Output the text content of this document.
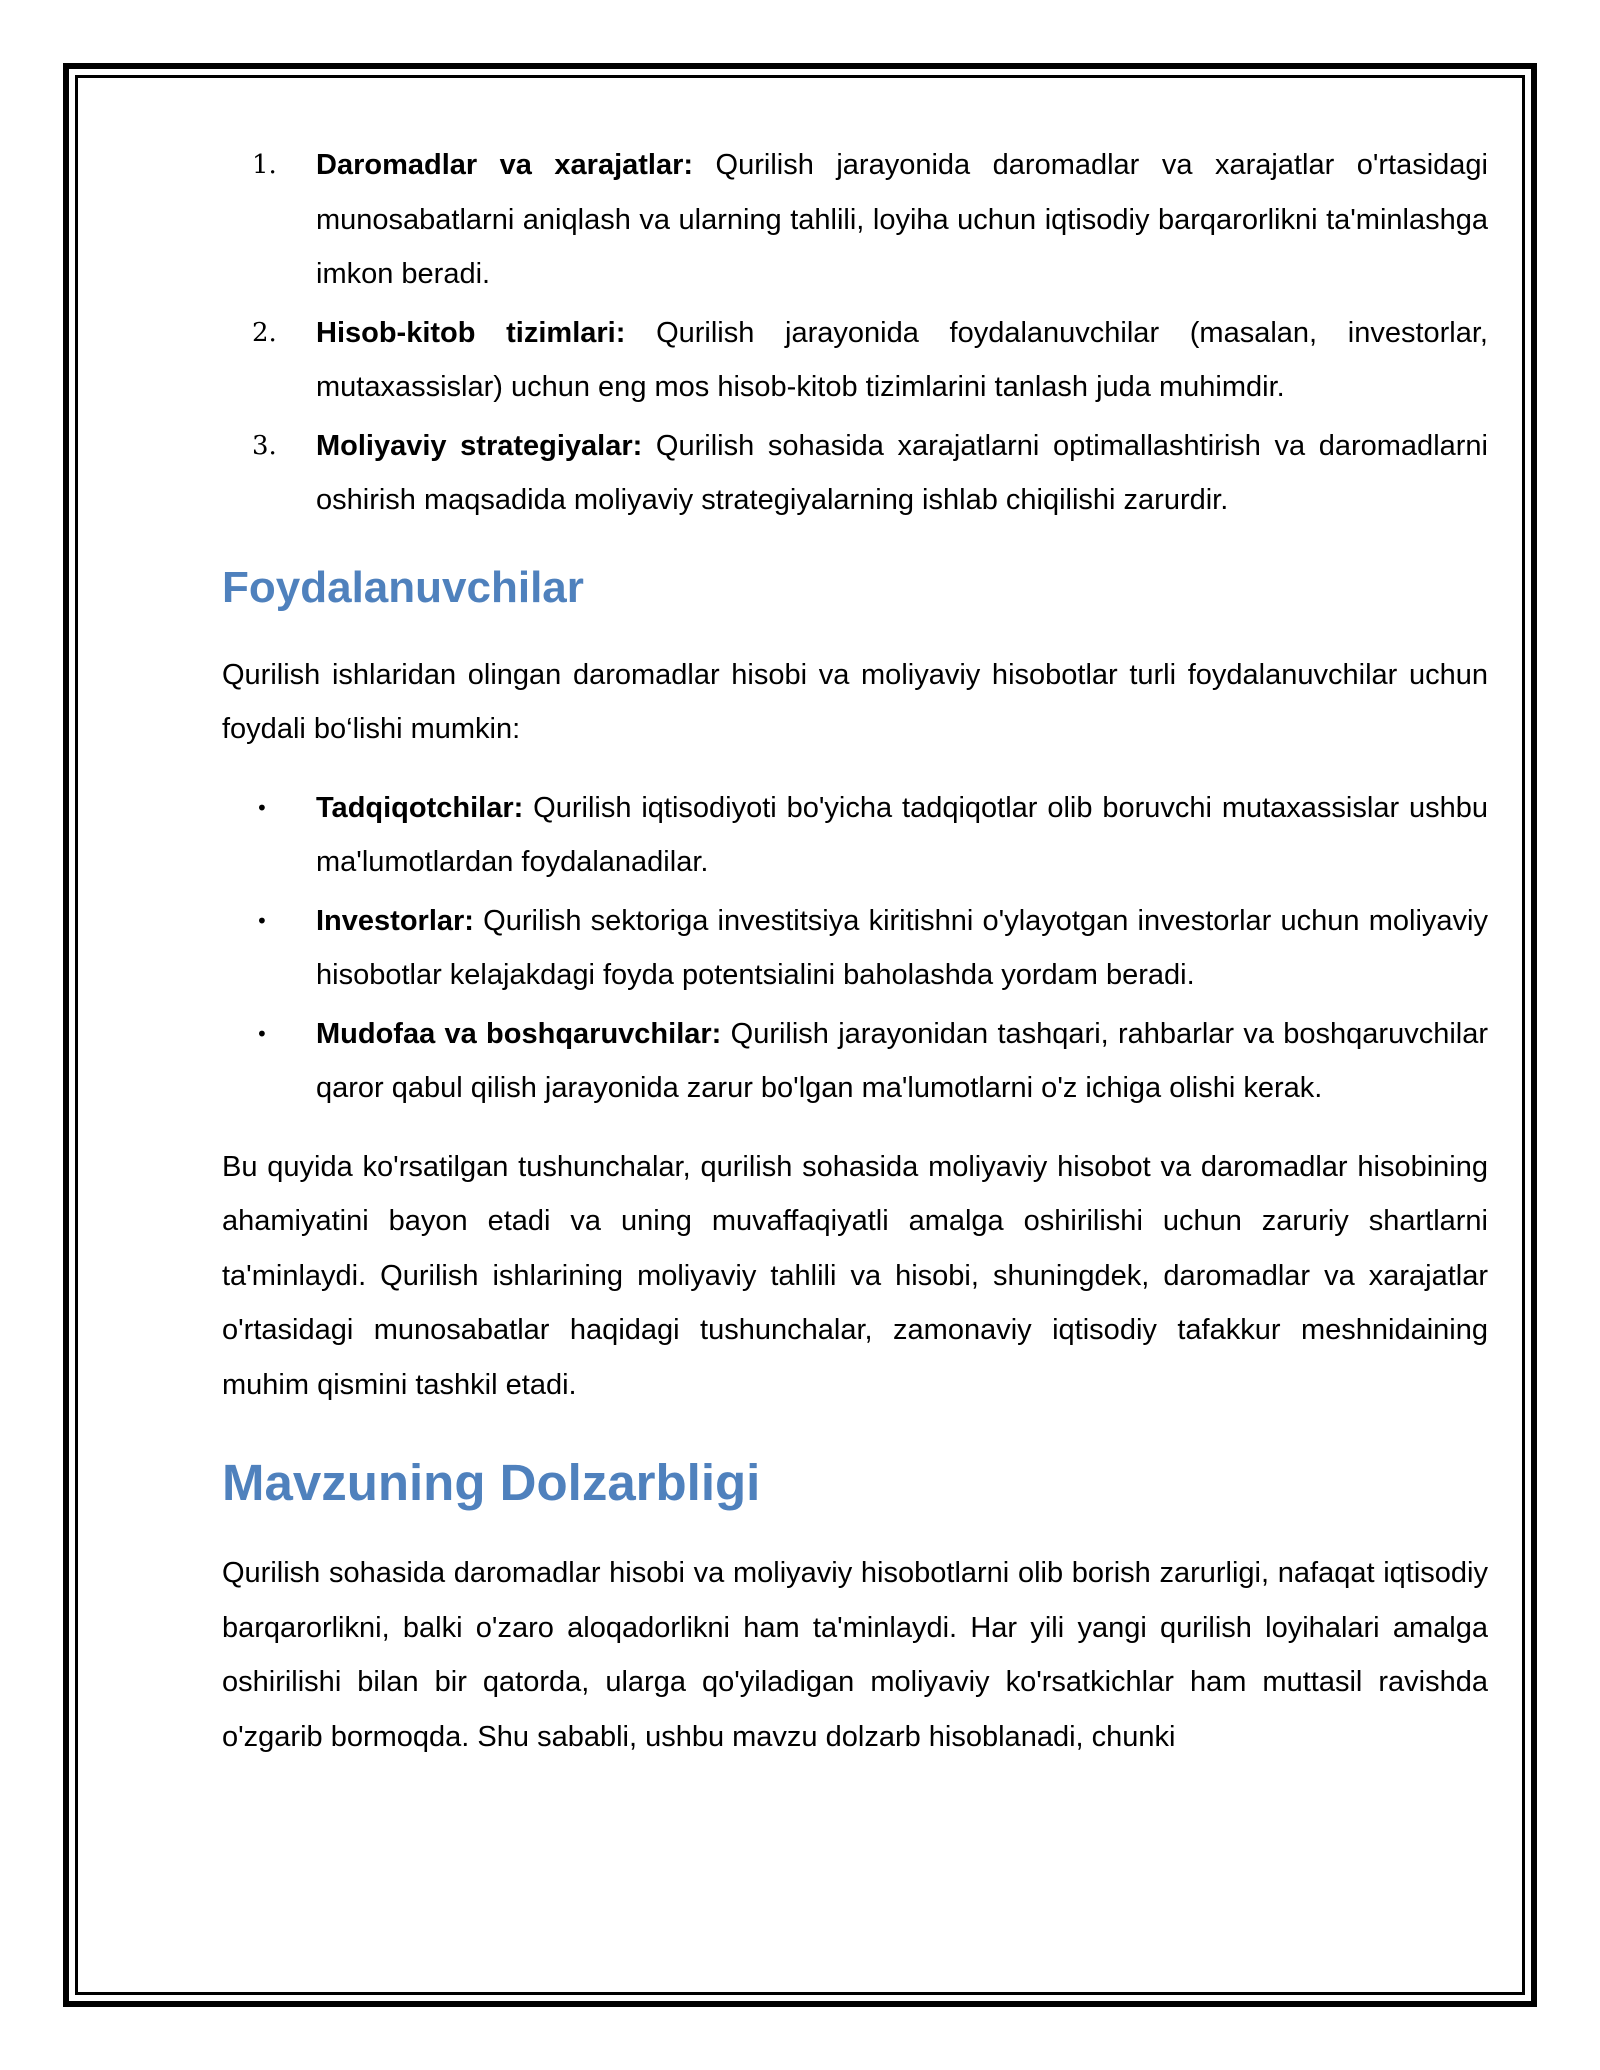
1.	Daromadlar va xarajatlar: Qurilish jarayonida daromadlar va xarajatlar o'rtasidagi munosabatlarni aniqlash va ularning tahlili, loyiha uchun iqtisodiy barqarorlikni ta'minlashga imkon beradi.
2.	Hisob-kitob tizimlari: Qurilish jarayonida foydalanuvchilar (masalan, investorlar, mutaxassislar) uchun eng mos hisob-kitob tizimlarini tanlash juda muhimdir.
3.	Moliyaviy strategiyalar: Qurilish sohasida xarajatlarni optimallashtirish va daromadlarni oshirish maqsadida moliyaviy strategiyalarning ishlab chiqilishi zarurdir.
Foydalanuvchilar

Qurilish ishlaridan olingan daromadlar hisobi va moliyaviy hisobotlar turli foydalanuvchilar uchun foydali bo‘lishi mumkin:

•	Tadqiqotchilar: Qurilish iqtisodiyoti bo'yicha tadqiqotlar olib boruvchi mutaxassislar ushbu ma'lumotlardan foydalanadilar.
•	Investorlar: Qurilish sektoriga investitsiya kiritishni o'ylayotgan investorlar uchun moliyaviy hisobotlar kelajakdagi foyda potentsialini baholashda yordam beradi.
•	Mudofaa va boshqaruvchilar: Qurilish jarayonidan tashqari, rahbarlar va boshqaruvchilar qaror qabul qilish jarayonida zarur bo'lgan ma'lumotlarni o'z ichiga olishi kerak.

Bu quyida ko'rsatilgan tushunchalar, qurilish sohasida moliyaviy hisobot va daromadlar hisobining ahamiyatini bayon etadi va uning muvaffaqiyatli amalga oshirilishi uchun zaruriy shartlarni ta'minlaydi. Qurilish ishlarining moliyaviy tahlili va hisobi, shuningdek, daromadlar va xarajatlar o'rtasidagi munosabatlar haqidagi tushunchalar, zamonaviy iqtisodiy tafakkur meshnidaining muhim qismini tashkil etadi.

Mavzuning Dolzarbligi

Qurilish sohasida daromadlar hisobi va moliyaviy hisobotlarni olib borish zarurligi, nafaqat iqtisodiy barqarorlikni, balki o'zaro aloqadorlikni ham ta'minlaydi. Har yili yangi qurilish loyihalari amalga oshirilishi bilan bir qatorda, ularga qo'yiladigan moliyaviy ko'rsatkichlar ham muttasil ravishda o'zgarib bormoqda. Shu sababli, ushbu mavzu dolzarb hisoblanadi, chunki
